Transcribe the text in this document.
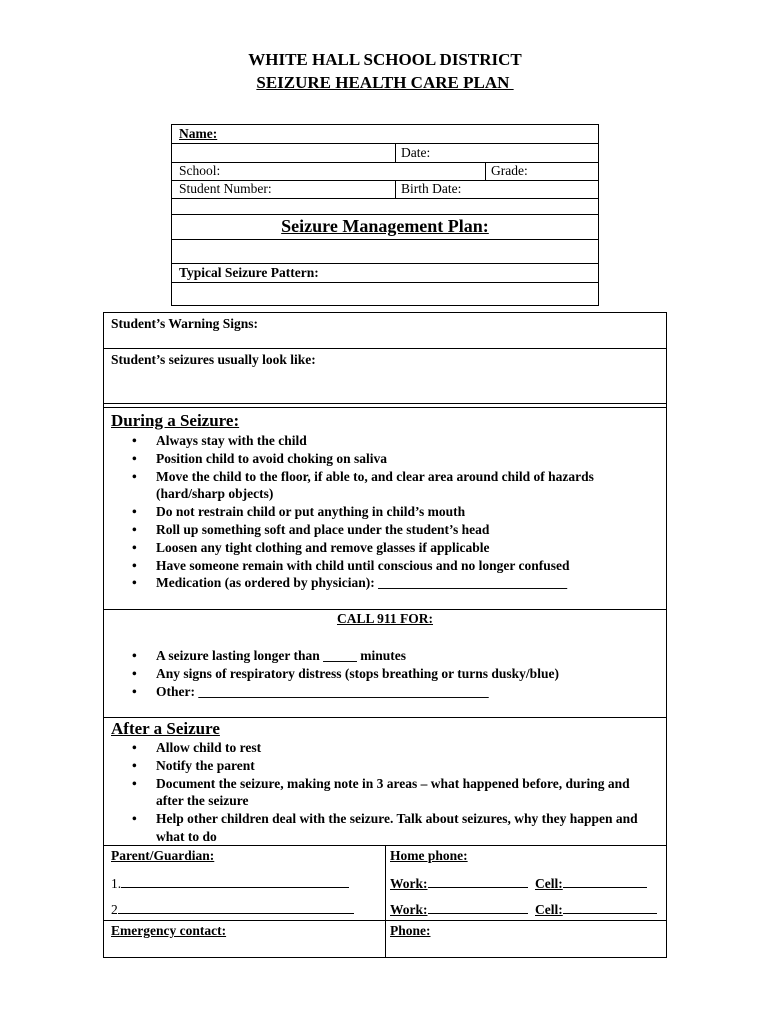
WHITE HALL SCHOOL DISTRICT
SEIZURE HEALTH CARE PLAN
Name:
Date:
School:	Grade:
Student Number:	Birth Date:
Seizure Management Plan:
Typical Seizure Pattern:
Student’s Warning Signs:
Student’s seizures usually look like:
During a Seizure:
• Always stay with the child
• Position child to avoid choking on saliva
• Move the child to the floor, if able to, and clear area around child of hazards (hard/sharp objects)
• Do not restrain child or put anything in child’s mouth
• Roll up something soft and place under the student’s head
• Loosen any tight clothing and remove glasses if applicable
• Have someone remain with child until conscious and no longer confused
• Medication (as ordered by physician): ____________________________
CALL 911 FOR:
• A seizure lasting longer than _____ minutes
• Any signs of respiratory distress (stops breathing or turns dusky/blue)
• Other: ___________________________________________
After a Seizure
• Allow child to rest
• Notify the parent
• Document the seizure, making note in 3 areas – what happened before, during and after the seizure
• Help other children deal with the seizure. Talk about seizures, why they happen and what to do
Parent/Guardian:	Home phone:
1.	Work:	Cell:
2	Work:	Cell:
Emergency contact:	Phone:
